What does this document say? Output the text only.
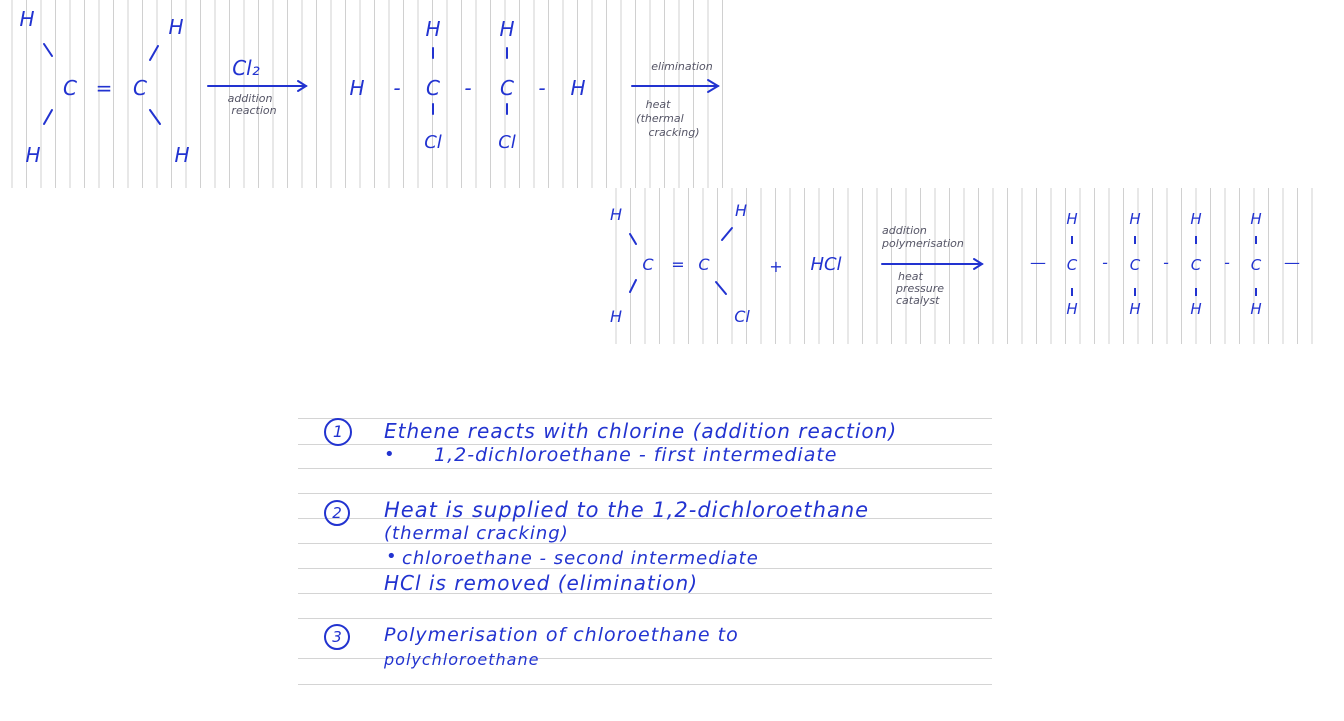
H	H
H	H
C = C
Cl₂
H - C - C - H
H	H
Cl	Cl
addition
reaction
elimination
heat
(thermal
cracking)
H	H
H	Cl
C = C	+ HCl
H
C
H
H
C
H
H
C
H
H
C
H
—	-	-	-	—
addition
polymerisation
heat
pressure
catalyst
1	Ethene reacts with chlorine (addition reaction)
• 1,2-dichloroethane - first intermediate
2	Heat is supplied to the 1,2-dichloroethane
(thermal cracking)
• chloroethane - second intermediate
HCl is removed (elimination)
3	Polymerisation of chloroethane to
polychloroethane
